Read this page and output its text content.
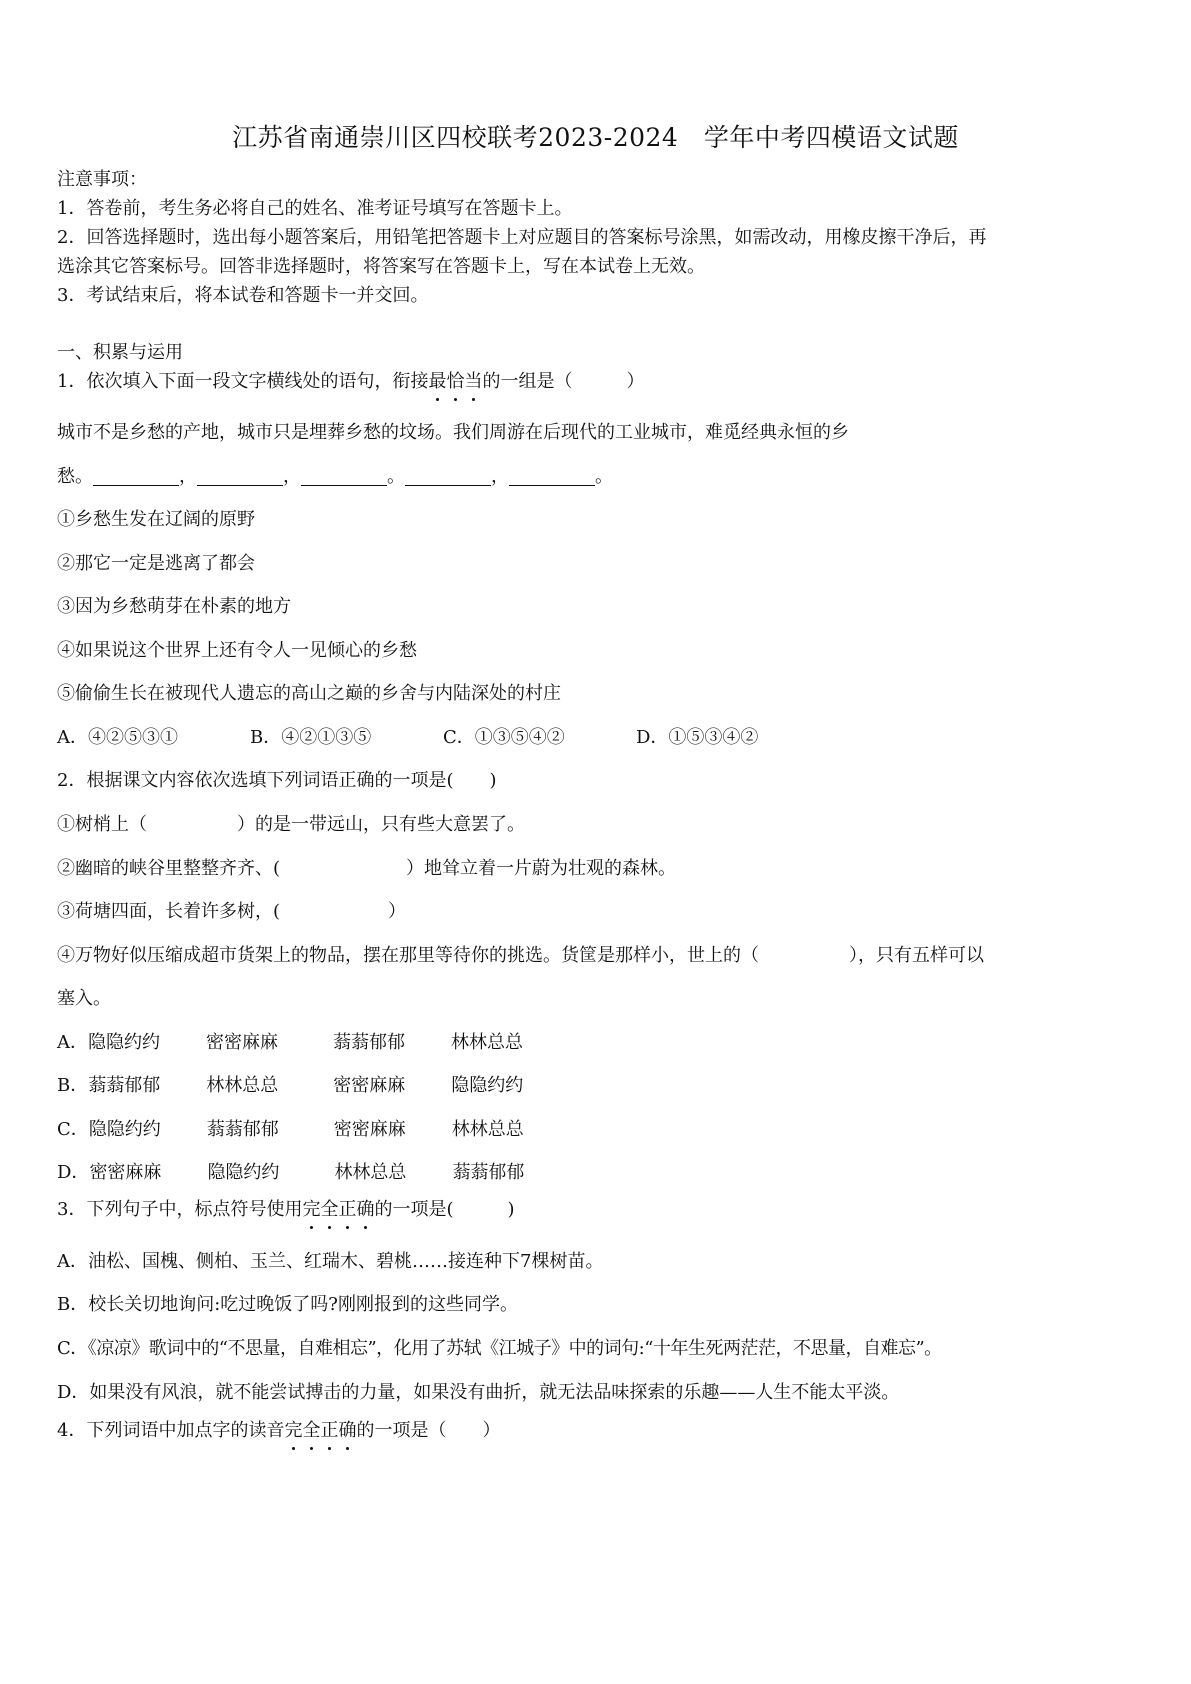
江苏省南通崇川区四校联考2023-2024　学年中考四模语文试题

注意事项：

1．答卷前，考生务必将自己的姓名、准考证号填写在答题卡上。

2．回答选择题时，选出每小题答案后，用铅笔把答题卡上对应题目的答案标号涂黑，如需改动，用橡皮擦干净后，再

选涂其它答案标号。回答非选择题时，将答案写在答题卡上，写在本试卷上无效。

3．考试结束后，将本试卷和答题卡一并交回。

一、积累与运用

1．依次填入下面一段文字横线处的语句，衔接最恰当的一组是（　　　）

城市不是乡愁的产地，城市只是埋葬乡愁的坟场。我们周游在后现代的工业城市，难觅经典永恒的乡

愁。	，	，	。	，	。

①乡愁生发在辽阔的原野

②那它一定是逃离了都会

③因为乡愁萌芽在朴素的地方

④如果说这个世界上还有令人一见倾心的乡愁

⑤偷偷生长在被现代人遗忘的高山之巅的乡舍与内陆深处的村庄

A．④②⑤③①	B．④②①③⑤	C．①③⑤④②	D．①⑤③④②

2．根据课文内容依次选填下列词语正确的一项是(　　)

①树梢上（　　　　　）的是一带远山，只有些大意罢了。

②幽暗的峡谷里整整齐齐、(　　　　　　　）地耸立着一片蔚为壮观的森林。

③荷塘四面，长着许多树，(　　　　　　）

④万物好似压缩成超市货架上的物品，摆在那里等待你的挑选。货筐是那样小，世上的（　　　　　），只有五样可以

塞入。

A．隐隐约约	密密麻麻	蓊蓊郁郁	林林总总

B．蓊蓊郁郁	林林总总	密密麻麻	隐隐约约

C．隐隐约约	蓊蓊郁郁	密密麻麻	林林总总

D．密密麻麻	隐隐约约	林林总总	蓊蓊郁郁

3．下列句子中，标点符号使用完全正确的一项是(　　　)

A．油松、国槐、侧柏、玉兰、红瑞木、碧桃……接连种下7棵树苗。

B．校长关切地询问:吃过晚饭了吗?刚刚报到的这些同学。

C．《凉凉》歌词中的“不思量，自难相忘”，化用了苏轼《江城子》中的词句:“十年生死两茫茫，不思量，自难忘”。

D．如果没有风浪，就不能尝试搏击的力量，如果没有曲折，就无法品味探索的乐趣——人生不能太平淡。

4．下列词语中加点字的读音完全正确的一项是（　　）
